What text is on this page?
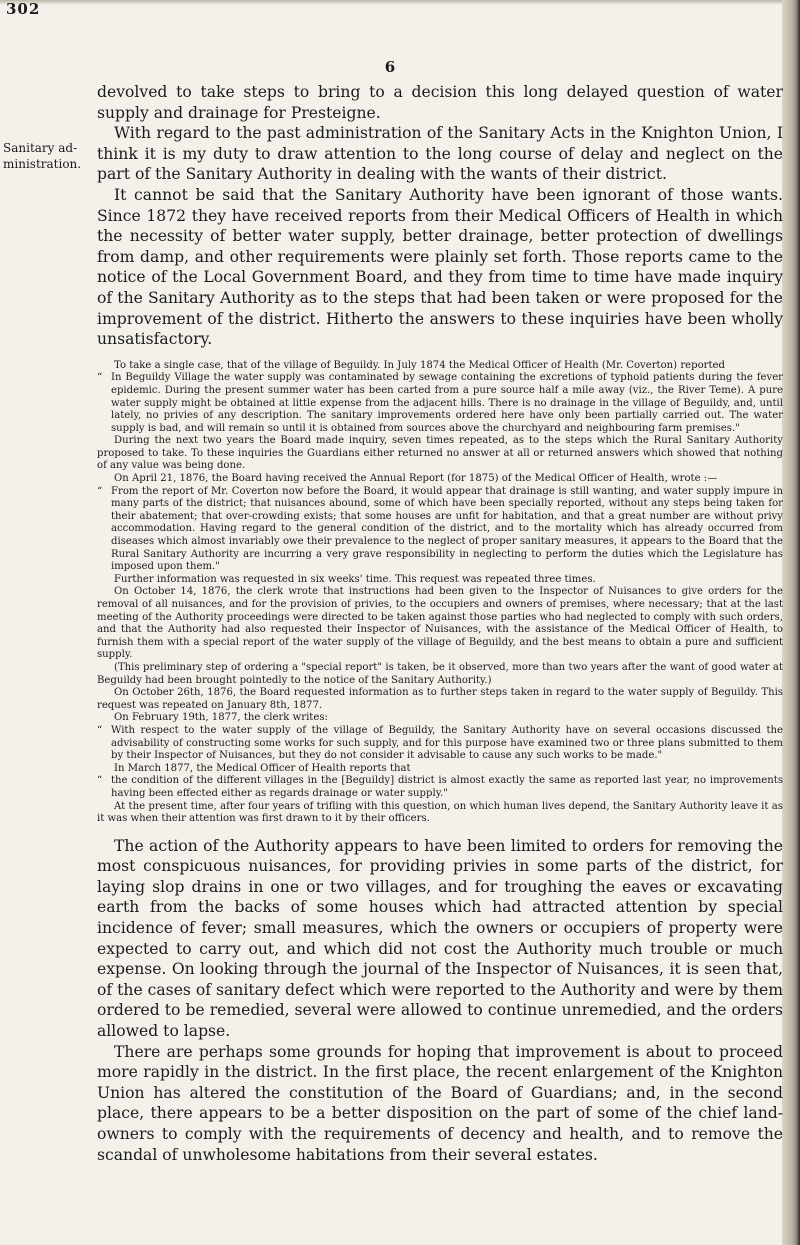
302
6
Sanitary ad-
ministration.

devolved to take steps to bring to a decision this long delayed question of water supply and drainage for Presteigne.

With regard to the past administration of the Sanitary Acts in the Knighton Union, I think it is my duty to draw attention to the long course of delay and neglect on the part of the Sanitary Authority in dealing with the wants of their district.

It cannot be said that the Sanitary Authority have been ignorant of those wants. Since 1872 they have received reports from their Medical Officers of Health in which the necessity of better water supply, better drainage, better protection of dwellings from damp, and other requirements were plainly set forth. Those reports came to the notice of the Local Government Board, and they from time to time have made inquiry of the Sanitary Authority as to the steps that had been taken or were proposed for the improvement of the district. Hitherto the answers to these inquiries have been wholly unsatisfactory.

To take a single case, that of the village of Beguildy. In July 1874 the Medical Officer of Health (Mr. Coverton) reported

“ In Beguildy Village the water supply was contaminated by sewage containing the excretions of typhoid patients during the fever epidemic. During the present summer water has been carted from a pure source half a mile away (viz., the River Teme). A pure water supply might be obtained at little expense from the adjacent hills. There is no drainage in the village of Beguildy, and, until lately, no privies of any description. The sanitary improvements ordered here have only been partially carried out. The water supply is bad, and will remain so until it is obtained from sources above the churchyard and neighbouring farm premises."

During the next two years the Board made inquiry, seven times repeated, as to the steps which the Rural Sanitary Authority proposed to take. To these inquiries the Guardians either returned no answer at all or returned answers which showed that nothing of any value was being done.

On April 21, 1876, the Board having received the Annual Report (for 1875) of the Medical Officer of Health, wrote :—

“ From the report of Mr. Coverton now before the Board, it would appear that drainage is still wanting, and water supply impure in many parts of the district; that nuisances abound, some of which have been specially reported, without any steps being taken for their abatement; that over-crowding exists; that some houses are unfit for habitation, and that a great number are without privy accommodation. Having regard to the general condition of the district, and to the mortality which has already occurred from diseases which almost invariably owe their prevalence to the neglect of proper sanitary measures, it appears to the Board that the Rural Sanitary Authority are incurring a very grave responsibility in neglecting to perform the duties which the Legislature has imposed upon them."

Further information was requested in six weeks' time. This request was repeated three times.

On October 14, 1876, the clerk wrote that instructions had been given to the Inspector of Nuisances to give orders for the removal of all nuisances, and for the provision of privies, to the occupiers and owners of premises, where necessary; that at the last meeting of the Authority proceedings were directed to be taken against those parties who had neglected to comply with such orders, and that the Authority had also requested their Inspector of Nuisances, with the assistance of the Medical Officer of Health, to furnish them with a special report of the water supply of the village of Beguildy, and the best means to obtain a pure and sufficient supply.

(This preliminary step of ordering a "special report" is taken, be it observed, more than two years after the want of good water at Beguildy had been brought pointedly to the notice of the Sanitary Authority.)

On October 26th, 1876, the Board requested information as to further steps taken in regard to the water supply of Beguildy. This request was repeated on January 8th, 1877.

On February 19th, 1877, the clerk writes:

“ With respect to the water supply of the village of Beguildy, the Sanitary Authority have on several occasions discussed the advisability of constructing some works for such supply, and for this purpose have examined two or three plans submitted to them by their Inspector of Nuisances, but they do not consider it advisable to cause any such works to be made."

In March 1877, the Medical Officer of Health reports that

“ the condition of the different villages in the [Beguildy] district is almost exactly the same as reported last year, no improvements having been effected either as regards drainage or water supply."

At the present time, after four years of trifling with this question, on which human lives depend, the Sanitary Authority leave it as it was when their attention was first drawn to it by their officers.

The action of the Authority appears to have been limited to orders for removing the most conspicuous nuisances, for providing privies in some parts of the district, for laying slop drains in one or two villages, and for troughing the eaves or excavating earth from the backs of some houses which had attracted attention by special incidence of fever; small measures, which the owners or occupiers of property were expected to carry out, and which did not cost the Authority much trouble or much expense. On looking through the journal of the Inspector of Nuisances, it is seen that, of the cases of sanitary defect which were reported to the Authority and were by them ordered to be remedied, several were allowed to continue unremedied, and the orders allowed to lapse.

There are perhaps some grounds for hoping that improvement is about to proceed more rapidly in the district. In the first place, the recent enlargement of the Knighton Union has altered the constitution of the Board of Guardians; and, in the second place, there appears to be a better disposition on the part of some of the chief land-owners to comply with the requirements of decency and health, and to remove the scandal of unwholesome habitations from their several estates.
